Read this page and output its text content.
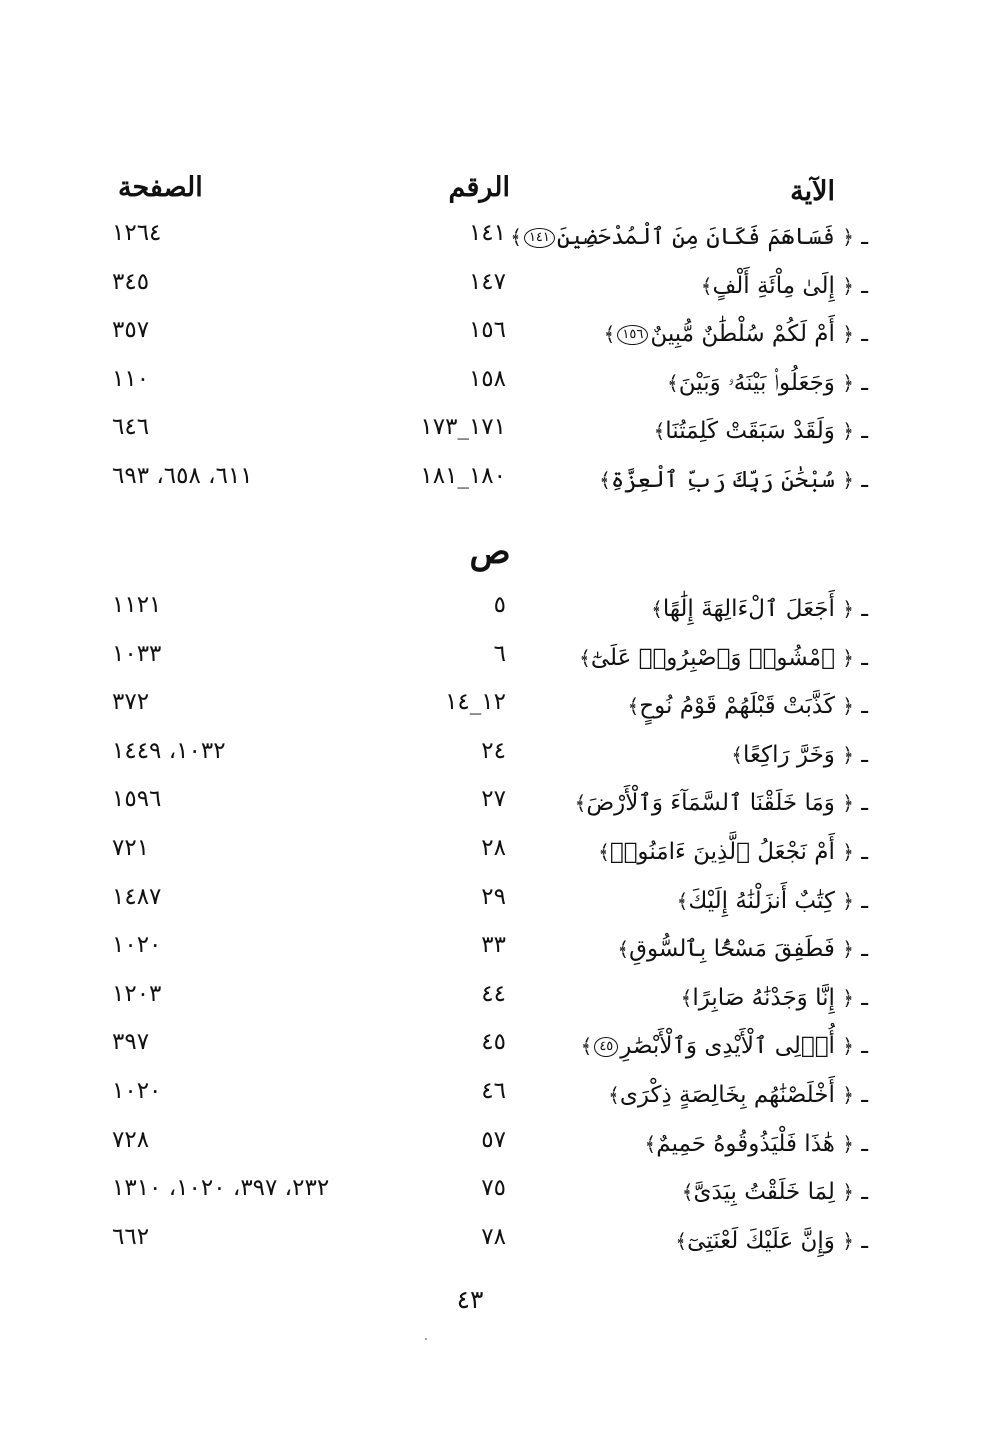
الآية
الرقم
الصفحة
ـ ﴿ فَسَاهَمَ فَكَانَ مِنَ ٱلْمُدْحَضِينَ١٤١﴾
١٤١
١٢٦٤
ـ ﴿ إِلَىٰ مِاْئَةِ أَلْفٍ﴾
١٤٧
٣٤٥
ـ ﴿ أَمْ لَكُمْ سُلْطَٰنٌ مُّبِينٌ١٥٦﴾
١٥٦
٣٥٧
ـ ﴿ وَجَعَلُوا۟ بَيْنَهُۥ وَبَيْنَ﴾
١٥٨
١١٠
ـ ﴿ وَلَقَدْ سَبَقَتْ كَلِمَتُنَا﴾
١٧١_١٧٣
٦٤٦
ـ ﴿ سُبْحَٰنَ رَبِّكَ رَبِّ ٱلْعِزَّةِ﴾
١٨٠_١٨١
٦١١، ٦٥٨، ٦٩٣
ص
ـ ﴿ أَجَعَلَ ٱلْءَالِهَةَ إِلَٰهًا﴾
٥
١١٢١
ـ ﴿ ٱمْشُوا۟ وَٱصْبِرُوا۟ عَلَىٰٓ﴾
٦
١٠٣٣
ـ ﴿ كَذَّبَتْ قَبْلَهُمْ قَوْمُ نُوحٍ﴾
١٢_١٤
٣٧٢
ـ ﴿ وَخَرَّ رَاكِعًا﴾
٢٤
١٠٣٢، ١٤٤٩
ـ ﴿ وَمَا خَلَقْنَا ٱلسَّمَآءَ وَٱلْأَرْضَ﴾
٢٧
١٥٩٦
ـ ﴿ أَمْ نَجْعَلُ ٱلَّذِينَ ءَامَنُوا۟﴾
٢٨
٧٢١
ـ ﴿ كِتَٰبٌ أَنزَلْنَٰهُ إِلَيْكَ﴾
٢٩
١٤٨٧
ـ ﴿ فَطَفِقَ مَسْحًۢا بِٱلسُّوقِ﴾
٣٣
١٠٢٠
ـ ﴿ إِنَّا وَجَدْنَٰهُ صَابِرًا﴾
٤٤
١٢٠٣
ـ ﴿ أُو۟لِى ٱلْأَيْدِى وَٱلْأَبْصَٰرِ٤٥﴾
٤٥
٣٩٧
ـ ﴿ أَخْلَصْنَٰهُم بِخَالِصَةٍ ذِكْرَى﴾
٤٦
١٠٢٠
ـ ﴿ هَٰذَا فَلْيَذُوقُوهُ حَمِيمٌ﴾
٥٧
٧٢٨
ـ ﴿ لِمَا خَلَقْتُ بِيَدَىَّ﴾
٧٥
٢٣٢، ٣٩٧، ١٠٢٠، ١٣١٠
ـ ﴿ وَإِنَّ عَلَيْكَ لَعْنَتِىٓ﴾
٧٨
٦٦٢
٤٣
